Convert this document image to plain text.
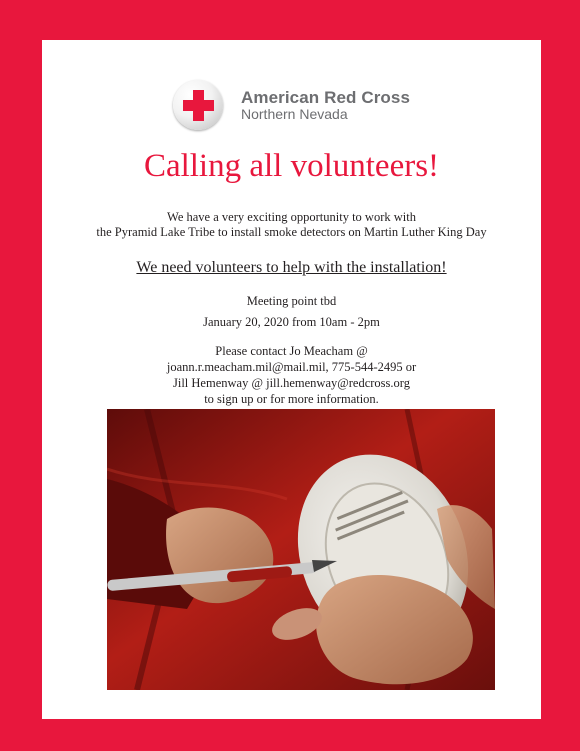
American Red Cross
Northern Nevada
Calling all volunteers!
We have a very exciting opportunity to work with
the Pyramid Lake Tribe to install smoke detectors on Martin Luther King Day
We need volunteers to help with the installation!
Meeting point tbd
January 20, 2020 from 10am - 2pm
Please contact Jo Meacham @
joann.r.meacham.mil@mail.mil, 775-544-2495 or
Jill Hemenway @ jill.hemenway@redcross.org
to sign up or for more information.
